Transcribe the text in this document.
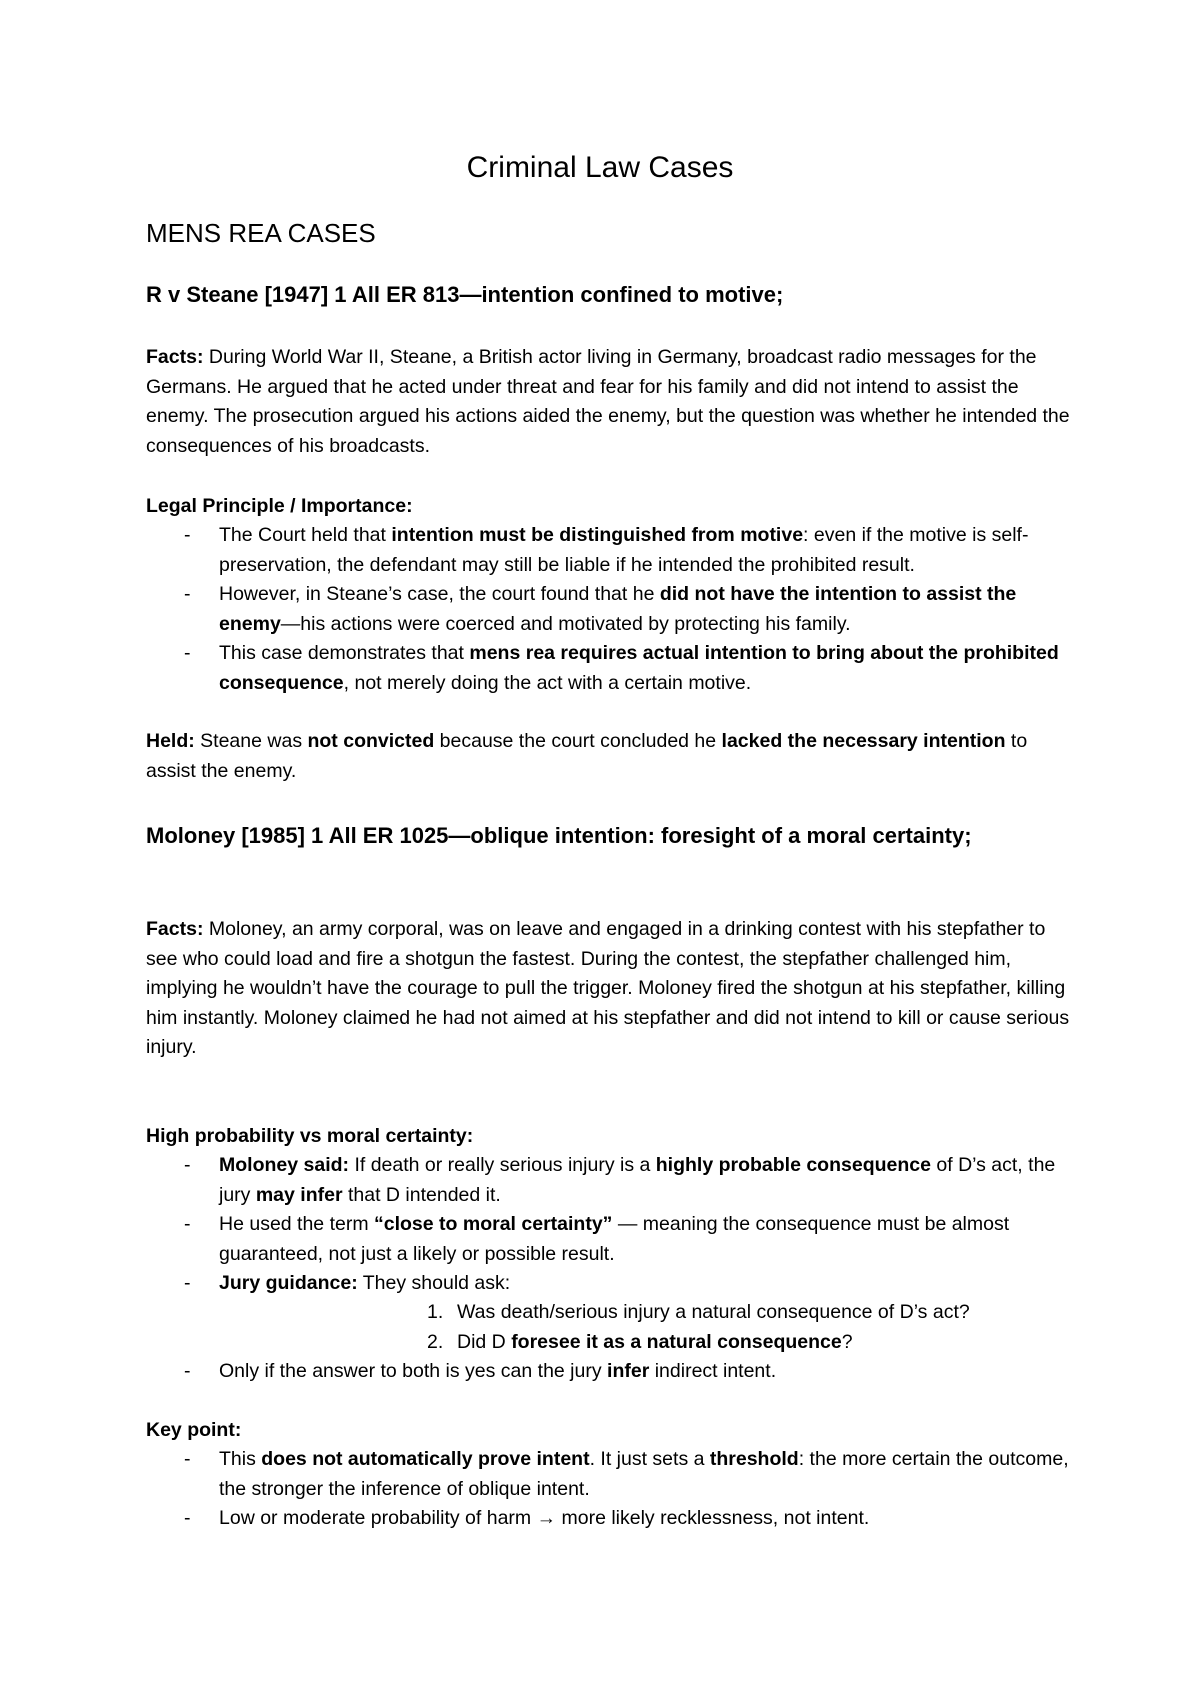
Criminal Law Cases
MENS REA CASES
R v Steane [1947] 1 All ER 813—intention confined to motive;

Facts: During World War II, Steane, a British actor living in Germany, broadcast radio messages for the Germans. He argued that he acted under threat and fear for his family and did not intend to assist the enemy. The prosecution argued his actions aided the enemy, but the question was whether he intended the consequences of his broadcasts.

Legal Principle / Importance:

- The Court held that intention must be distinguished from motive: even if the motive is self-preservation, the defendant may still be liable if he intended the prohibited result.
- However, in Steane’s case, the court found that he did not have the intention to assist the enemy—his actions were coerced and motivated by protecting his family.
- This case demonstrates that mens rea requires actual intention to bring about the prohibited consequence, not merely doing the act with a certain motive.

Held: Steane was not convicted because the court concluded he lacked the necessary intention to assist the enemy.

Moloney [1985] 1 All ER 1025—oblique intention: foresight of a moral certainty;

Facts: Moloney, an army corporal, was on leave and engaged in a drinking contest with his stepfather to see who could load and fire a shotgun the fastest. During the contest, the stepfather challenged him, implying he wouldn’t have the courage to pull the trigger. Moloney fired the shotgun at his stepfather, killing him instantly. Moloney claimed he had not aimed at his stepfather and did not intend to kill or cause serious injury.

High probability vs moral certainty:

- Moloney said: If death or really serious injury is a highly probable consequence of D’s act, the jury may infer that D intended it.
- He used the term “close to moral certainty” — meaning the consequence must be almost guaranteed, not just a likely or possible result.
- Jury guidance: They should ask:
1. Was death/serious injury a natural consequence of D’s act?
2. Did D foresee it as a natural consequence?
- Only if the answer to both is yes can the jury infer indirect intent.

Key point:

- This does not automatically prove intent. It just sets a threshold: the more certain the outcome, the stronger the inference of oblique intent.
- Low or moderate probability of harm → more likely recklessness, not intent.
